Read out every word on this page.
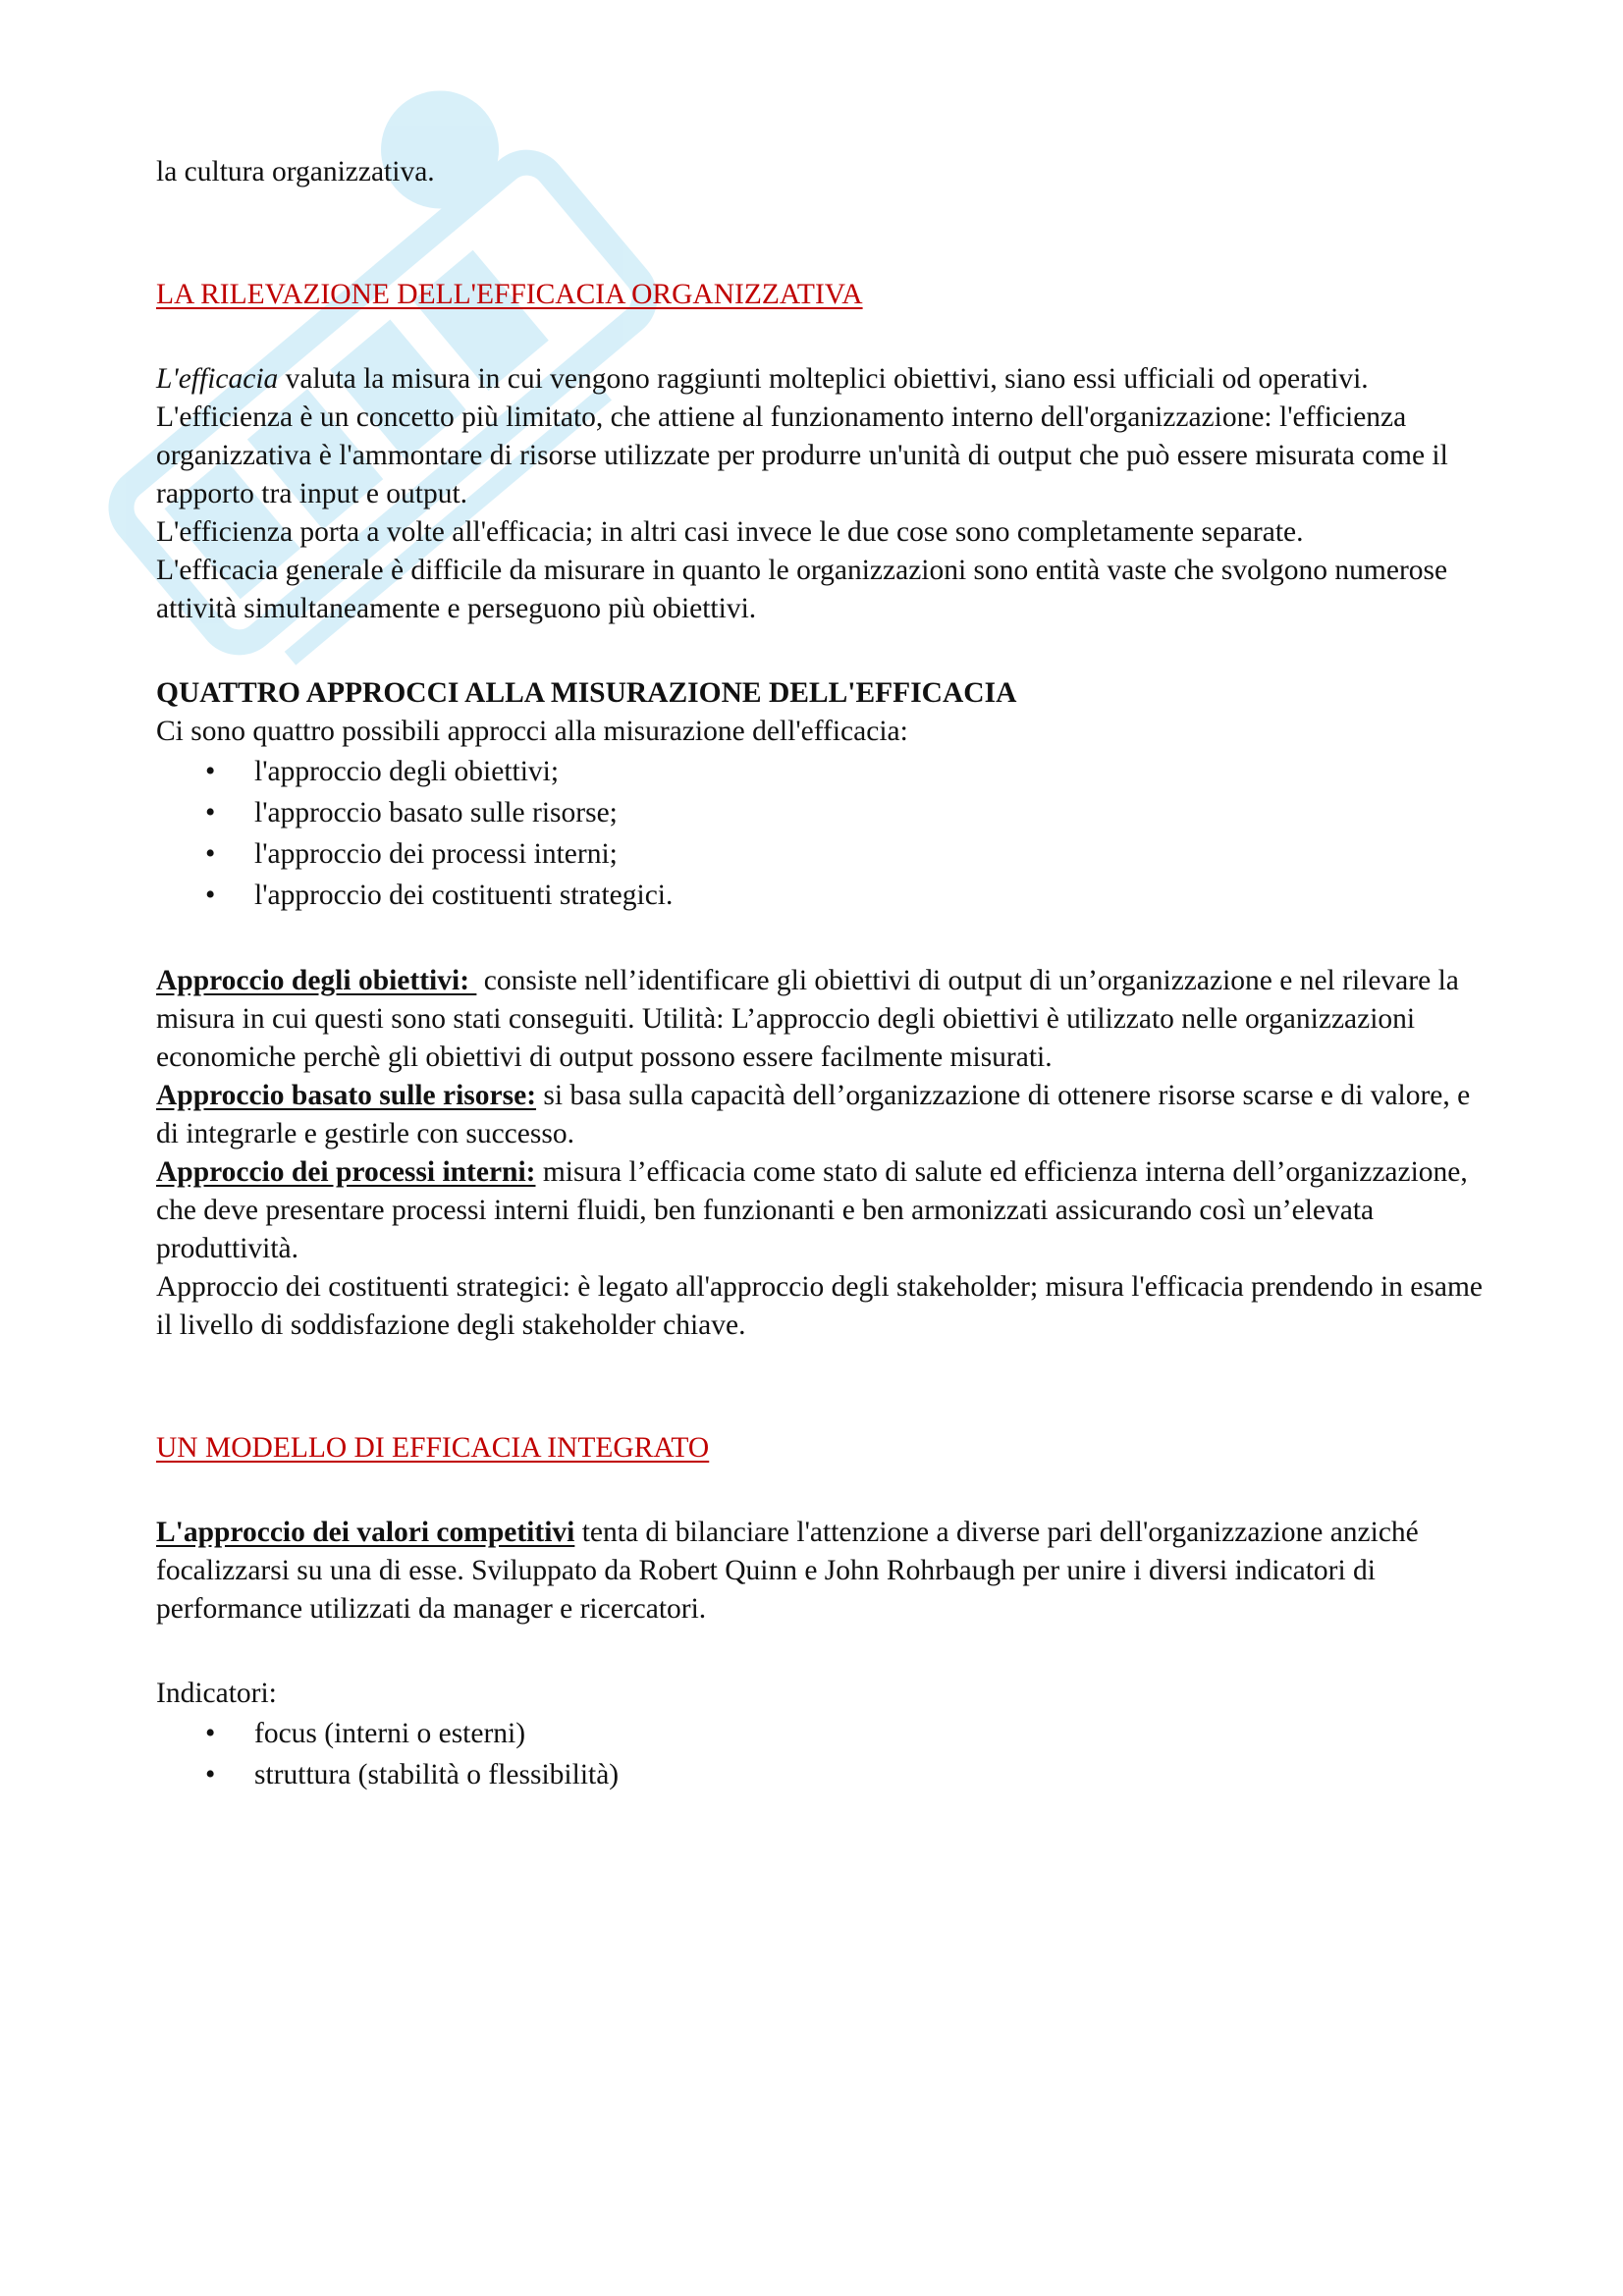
la cultura organizzativa.

LA RILEVAZIONE DELL'EFFICACIA ORGANIZZATIVA

L'efficacia valuta la misura in cui vengono raggiunti molteplici obiettivi, siano essi ufficiali od operativi. L'efficienza è un concetto più limitato, che attiene al funzionamento interno dell'organizzazione: l'efficienza organizzativa è l'ammontare di risorse utilizzate per produrre un'unità di output che può essere misurata come il rapporto tra input e output.

L'efficienza porta a volte all'efficacia; in altri casi invece le due cose sono completamente separate.

L'efficacia generale è difficile da misurare in quanto le organizzazioni sono entità vaste che svolgono numerose attività simultaneamente e perseguono più obiettivi.

QUATTRO APPROCCI ALLA MISURAZIONE DELL'EFFICACIA

Ci sono quattro possibili approcci alla misurazione dell'efficacia:

• l'approccio degli obiettivi;
• l'approccio basato sulle risorse;
• l'approccio dei processi interni;
• l'approccio dei costituenti strategici.

Approccio degli obiettivi:  consiste nell’identificare gli obiettivi di output di un’organizzazione e nel rilevare la misura in cui questi sono stati conseguiti. Utilità: L’approccio degli obiettivi è utilizzato nelle organizzazioni economiche perchè gli obiettivi di output possono essere facilmente misurati.

Approccio basato sulle risorse: si basa sulla capacità dell’organizzazione di ottenere risorse scarse e di valore, e di integrarle e gestirle con successo.

Approccio dei processi interni: misura l’efficacia come stato di salute ed efficienza interna dell’organizzazione, che deve presentare processi interni fluidi, ben funzionanti e ben armonizzati assicurando così un’elevata produttività.

Approccio dei costituenti strategici: è legato all'approccio degli stakeholder; misura l'efficacia prendendo in esame il livello di soddisfazione degli stakeholder chiave.

UN MODELLO DI EFFICACIA INTEGRATO

L'approccio dei valori competitivi tenta di bilanciare l'attenzione a diverse pari dell'organizzazione anziché focalizzarsi su una di esse. Sviluppato da Robert Quinn e John Rohrbaugh per unire i diversi indicatori di performance utilizzati da manager e ricercatori.

Indicatori:

• focus (interni o esterni)
• struttura (stabilità o flessibilità)
